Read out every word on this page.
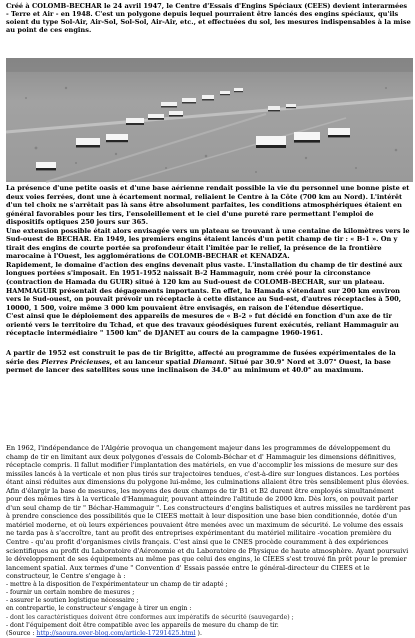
Créé à COLOMB-BECHAR le 24 avril 1947, le Centre d'Essais d'Engins Spéciaux (CEES) devient interarmées - Terre et Air - en 1948. C'est un polygone depuis lequel pourraient être lancés des engins spéciaux, qu'ils soient du type Sol-Air, Air-Sol, Sol-Sol, Air-Air, etc., et effectuées du sol, les mesures indispensables à la mise au point de ces engins.

La présence d'une petite oasis et d'une base aérienne rendait possible la vie du personnel une bonne piste et deux voies ferrées, dont une à écartement normal, reliaient le Centre à la Côte (700 km au Nord). L'intérêt d'un tel choix ne s'arrêtait pas là sans être absolument parfaites, les conditions atmosphériques étaient en général favorables pour les tirs, l'ensoleillement et le ciel d'une pureté rare permettant l'emploi de dispositifs optiques 250 jours sur 365.

Une extension possible était alors envisagée vers un plateau se trouvant à une centaine de kilomètres vers le Sud-ouest de BECHAR. En 1949, les premiers engins étaient lancés d'un petit champ de tir : « B-1 ». On y tirait des engins de courte portée sa profondeur était l'imitée par le relief, la présence de la frontière marocaine à l'Ouest, les agglomérations de COLOMB-BECHAR et KENADZA.

Rapidement, le domaine d'action des engins devenait plus vaste. L'installation du champ de tir destiné aux longues portées s'imposait. En 1951-1952 naissait B-2 Hammaguir, nom créé pour la circonstance (contraction de Hamada du GUIR) situé à 120 km au Sud-ouest de COLOMB-BECHAR, sur un plateau.

HAMMAGUIR présentait des dégagements importants. En effet, la Hamada s'étendant sur 200 km environ vers le Sud-ouest, on pouvait prévoir un réceptacle à cette distance au Sud-est, d'autres réceptacles à 500, 10000, 1 500, voire même 3 000 km pouvaient être envisagés, en raison de l'étendue désertique.

C'est ainsi que le déploiement des appareils de mesures de « B-2 » fut décidé en fonction d'un axe de tir orienté vers le territoire du Tchad, et que des travaux géodésiques furent exécutés, reliant Hammaguir au réceptacle intermédiaire " 1500 km" de DJANET au cours de la campagne 1960-1961.

A partir de 1952 est construit le pas de tir Brigitte, affecté au programme de fusées expérimentales de la série des Pierres Précieuses, et au lanceur spatial Diamant. Situé par 30.9° Nord et 3.07° Ouest, la base permet de lancer des satellites sous une inclinaison de 34.0° au minimum et 40.0° au maximum.

En 1962, l'indépendance de l'Algérie provoqua un changement majeur dans les programmes de développement du champ de tir en limitant aux deux polygones d'essais de Colomb-Béchar et d' Hammaguir les dimensions définitives, réceptacle compris. Il fallut modifier l'implantation des matériels, en vue d'accomplir les missions de mesure sur des missiles lancés à la verticale et non plus tirés sur trajectoires tendues, c'est-à-dire sur longues distances. Les portées étant ainsi réduites aux dimensions du polygone lui-même, les culminations allaient être très sensiblement plus élevées. Afin d'élargir la base de mesures, les moyens des deux champs de tir B1 et B2 durent être employés simultanément pour des mêmes tirs à la verticale d'Hammaguir, pouvant atteindre l'altitude de 2000 km. Dès lors, on pouvait parler d'un seul champ de tir " Béchar-Hammaguir ". Les constructeurs d'engins balistiques et autres missiles ne tardèrent pas à prendre conscience des possibilités que le CIEES mettait à leur disposition une base bien conditionnée, dotée d'un matériel moderne, et où leurs expériences pouvaient être menées avec un maximum de sécurité. Le volume des essais ne tarda pas à s'accroître, tant au profit des entreprises expérimentant du matériel militaire -vocation première du Centre - qu'au profit d'organismes civils français. C'est ainsi que le CNES procède couramment à des expériences scientifiques au profit du Laboratoire d'Aéronomie et du Laboratoire de Physique de haute atmosphère. Ayant poursuivi le développement de ses équipements au même pas que celui des engins, le CIEES s'est trouvé fin prêt pour le premier lancement spatial. Aux termes d'une " Convention d' Essais passée entre le général-directeur du CIEES et le constructeur, le Centre s'engage à :

- mettre à la disposition de l'expérimentateur un champ de tir adapté ;

- fournir un certain nombre de mesures ;

- assurer le soutien logistique nécessaire ;

en contrepartie, le constructeur s'engage à tirer un engin :

- dont les caractéristiques doivent être conformes aux impératifs de sécurité (sauvegarde) ;

- dont l'équipement doit être compatible avec les appareils de mesure du champ de tir.

(Source : http://saoura.over-blog.com/article-17291425.html ).
